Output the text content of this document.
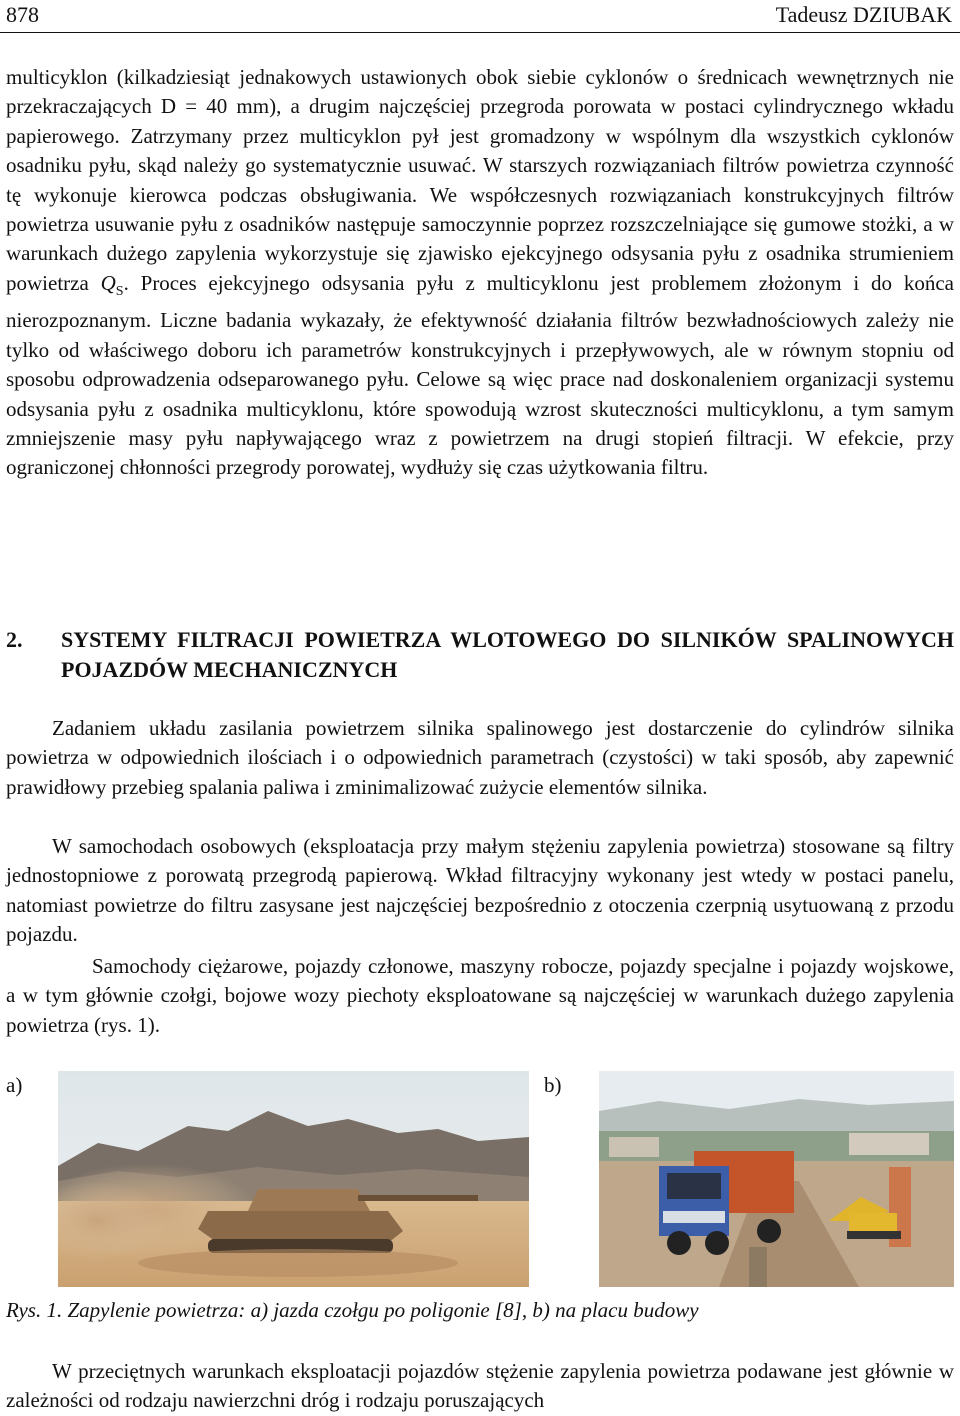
878	Tadeusz DZIUBAK

multicyklon (kilkadziesiąt jednakowych ustawionych obok siebie cyklonów o średnicach wewnętrznych nie przekraczających D = 40 mm), a drugim najczęściej przegroda porowata w postaci cylindrycznego wkładu papierowego. Zatrzymany przez multicyklon pył jest gromadzony w wspólnym dla wszystkich cyklonów osadniku pyłu, skąd należy go systematycznie usuwać. W starszych rozwiązaniach filtrów powietrza czynność tę wykonuje kierowca podczas obsługiwania. We współczesnych rozwiązaniach konstrukcyjnych filtrów powietrza usuwanie pyłu z osadników następuje samoczynnie poprzez rozszczelniające się gumowe stożki, a w warunkach dużego zapylenia wykorzystuje się zjawisko ejekcyjnego odsysania pyłu z osadnika strumieniem powietrza $Q_S$. Proces ejekcyjnego odsysania pyłu z multicyklonu jest problemem złożonym i do końca nierozpoznanym. Liczne badania wykazały, że efektywność działania filtrów bezwładnościowych zależy nie tylko od właściwego doboru ich parametrów konstrukcyjnych i przepływowych, ale w równym stopniu od sposobu odprowadzenia odseparowanego pyłu. Celowe są więc prace nad doskonaleniem organizacji systemu odsysania pyłu z osadnika multicyklonu, które spowodują wzrost skuteczności multicyklonu, a tym samym zmniejszenie masy pyłu napływającego wraz z powietrzem na drugi stopień filtracji. W efekcie, przy ograniczonej chłonności przegrody porowatej, wydłuży się czas użytkowania filtru.

2. SYSTEMY FILTRACJI POWIETRZA WLOTOWEGO DO SILNIKÓW SPALINOWYCH POJAZDÓW MECHANICZNYCH

Zadaniem układu zasilania powietrzem silnika spalinowego jest dostarczenie do cylindrów silnika powietrza w odpowiednich ilościach i o odpowiednich parametrach (czystości) w taki sposób, aby zapewnić prawidłowy przebieg spalania paliwa i zminimalizować zużycie elementów silnika.

W samochodach osobowych (eksploatacja przy małym stężeniu zapylenia powietrza) stosowane są filtry jednostopniowe z porowatą przegrodą papierową. Wkład filtracyjny wykonany jest wtedy w postaci panelu, natomiast powietrze do filtru zasysane jest najczęściej bezpośrednio z otoczenia czerpnią usytuowaną z przodu pojazdu.

Samochody ciężarowe, pojazdy członowe, maszyny robocze, pojazdy specjalne i pojazdy wojskowe, a w tym głównie czołgi, bojowe wozy piechoty eksploatowane są najczęściej w warunkach dużego zapylenia powietrza (rys. 1).

a)	b)
Rys. 1. Zapylenie powietrza: a) jazda czołgu po poligonie [8], b) na placu budowy

W przeciętnych warunkach eksploatacji pojazdów stężenie zapylenia powietrza podawane jest głównie w zależności od rodzaju nawierzchni dróg i rodzaju poruszających
